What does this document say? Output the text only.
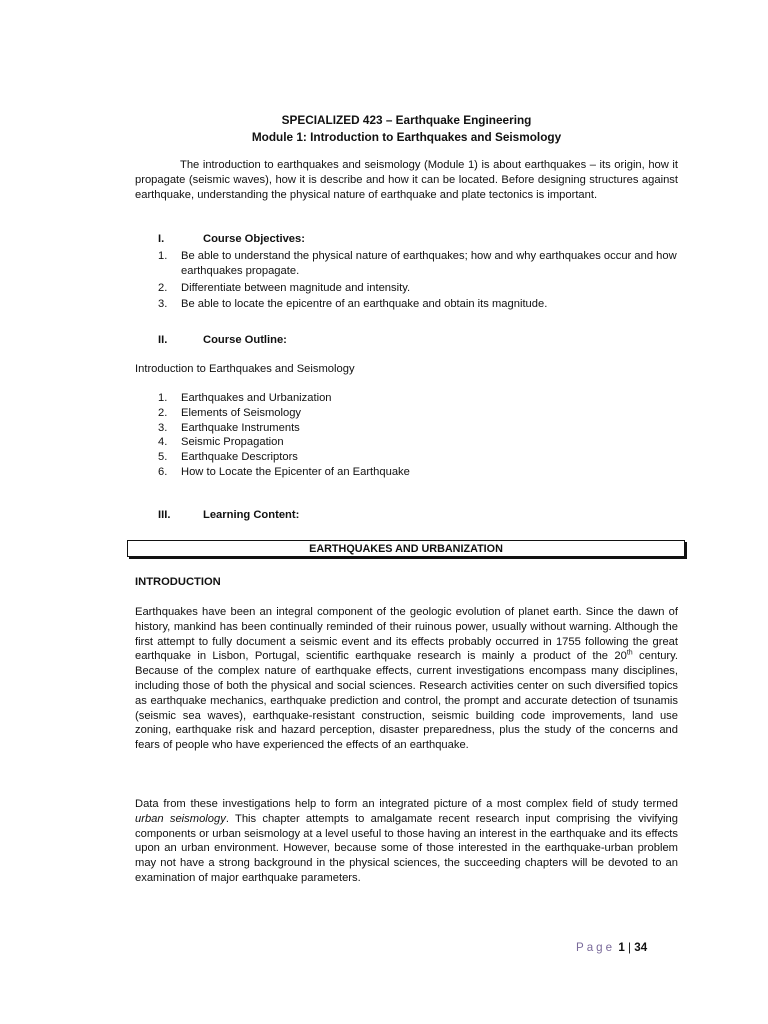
SPECIALIZED 423 – Earthquake Engineering
Module 1: Introduction to Earthquakes and Seismology
The introduction to earthquakes and seismology (Module 1) is about earthquakes – its origin, how it propagate (seismic waves), how it is describe and how it can be located. Before designing structures against earthquake, understanding the physical nature of earthquake and plate tectonics is important.
I.	Course Objectives:
1. Be able to understand the physical nature of earthquakes; how and why earthquakes occur and how earthquakes propagate.
2. Differentiate between magnitude and intensity.
3. Be able to locate the epicentre of an earthquake and obtain its magnitude.
II.	Course Outline:
Introduction to Earthquakes and Seismology
1. Earthquakes and Urbanization
2. Elements of Seismology
3. Earthquake Instruments
4. Seismic Propagation
5. Earthquake Descriptors
6. How to Locate the Epicenter of an Earthquake
III.	Learning Content:
EARTHQUAKES AND URBANIZATION
INTRODUCTION
Earthquakes have been an integral component of the geologic evolution of planet earth. Since the dawn of history, mankind has been continually reminded of their ruinous power, usually without warning. Although the first attempt to fully document a seismic event and its effects probably occurred in 1755 following the great earthquake in Lisbon, Portugal, scientific earthquake research is mainly a product of the 20th century. Because of the complex nature of earthquake effects, current investigations encompass many disciplines, including those of both the physical and social sciences. Research activities center on such diversified topics as earthquake mechanics, earthquake prediction and control, the prompt and accurate detection of tsunamis (seismic sea waves), earthquake-resistant construction, seismic building code improvements, land use zoning, earthquake risk and hazard perception, disaster preparedness, plus the study of the concerns and fears of people who have experienced the effects of an earthquake.
Data from these investigations help to form an integrated picture of a most complex field of study termed urban seismology. This chapter attempts to amalgamate recent research input comprising the vivifying components or urban seismology at a level useful to those having an interest in the earthquake and its effects upon an urban environment. However, because some of those interested in the earthquake-urban problem may not have a strong background in the physical sciences, the succeeding chapters will be devoted to an examination of major earthquake parameters.
Page 1 | 34
